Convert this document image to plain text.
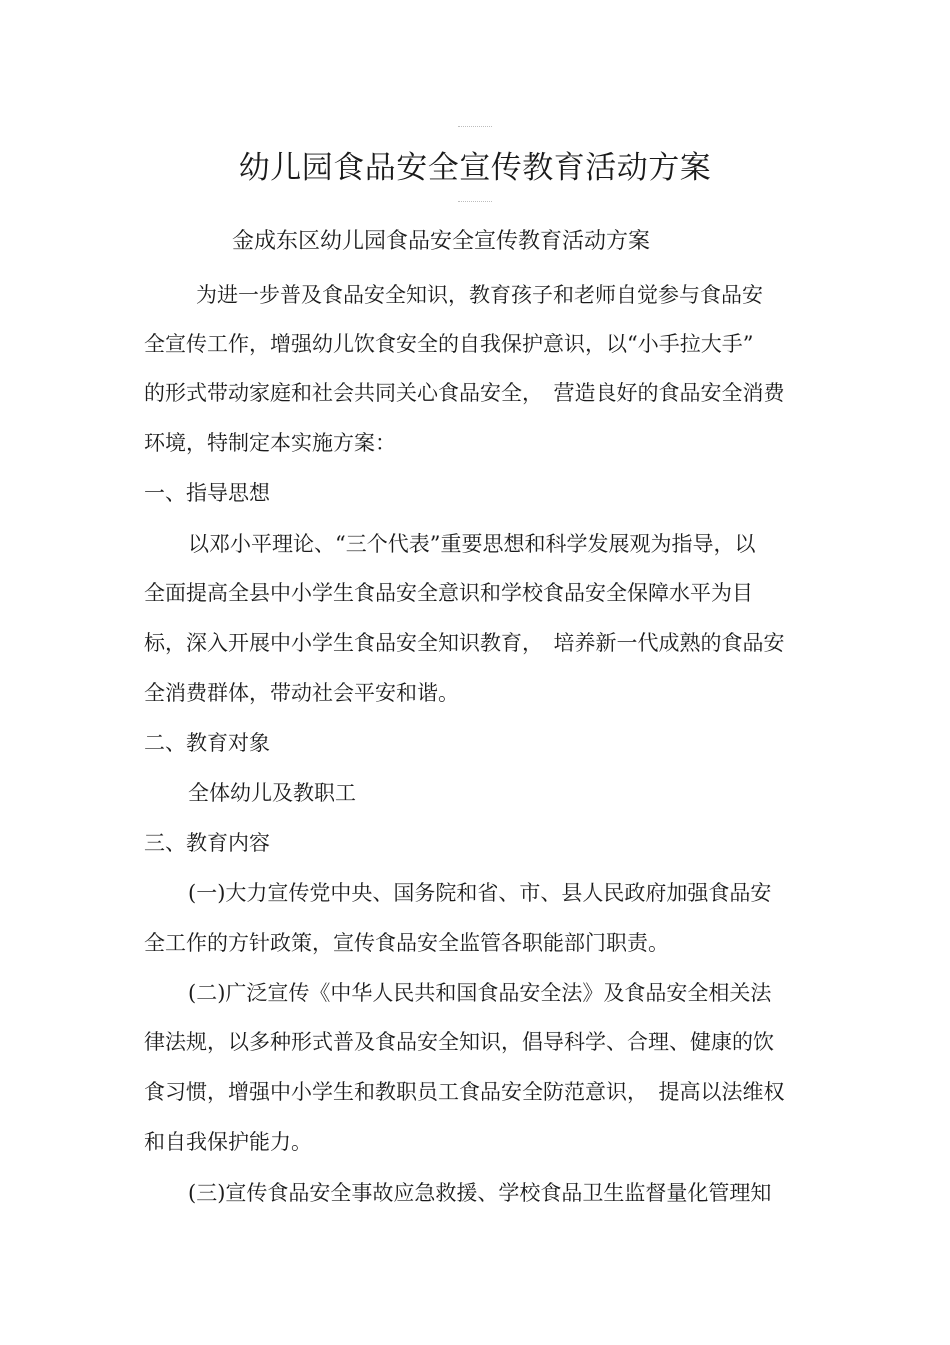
幼儿园食品安全宣传教育活动方案
金成东区幼儿园食品安全宣传教育活动方案

为进一步普及食品安全知识，教育孩子和老师自觉参与食品安

全宣传工作，增强幼儿饮食安全的自我保护意识，以“小手拉大手”

的形式带动家庭和社会共同关心食品安全，　营造良好的食品安全消费

环境，特制定本实施方案：

一、指导思想

以邓小平理论、“三个代表”重要思想和科学发展观为指导，以

全面提高全县中小学生食品安全意识和学校食品安全保障水平为目

标，深入开展中小学生食品安全知识教育，　培养新一代成熟的食品安

全消费群体，带动社会平安和谐。

二、教育对象

全体幼儿及教职工

三、教育内容

(一)大力宣传党中央、国务院和省、市、县人民政府加强食品安

全工作的方针政策，宣传食品安全监管各职能部门职责。

(二)广泛宣传《中华人民共和国食品安全法》及食品安全相关法

律法规，以多种形式普及食品安全知识，倡导科学、合理、健康的饮

食习惯，增强中小学生和教职员工食品安全防范意识，　提高以法维权

和自我保护能力。

(三)宣传食品安全事故应急救援、学校食品卫生监督量化管理知
